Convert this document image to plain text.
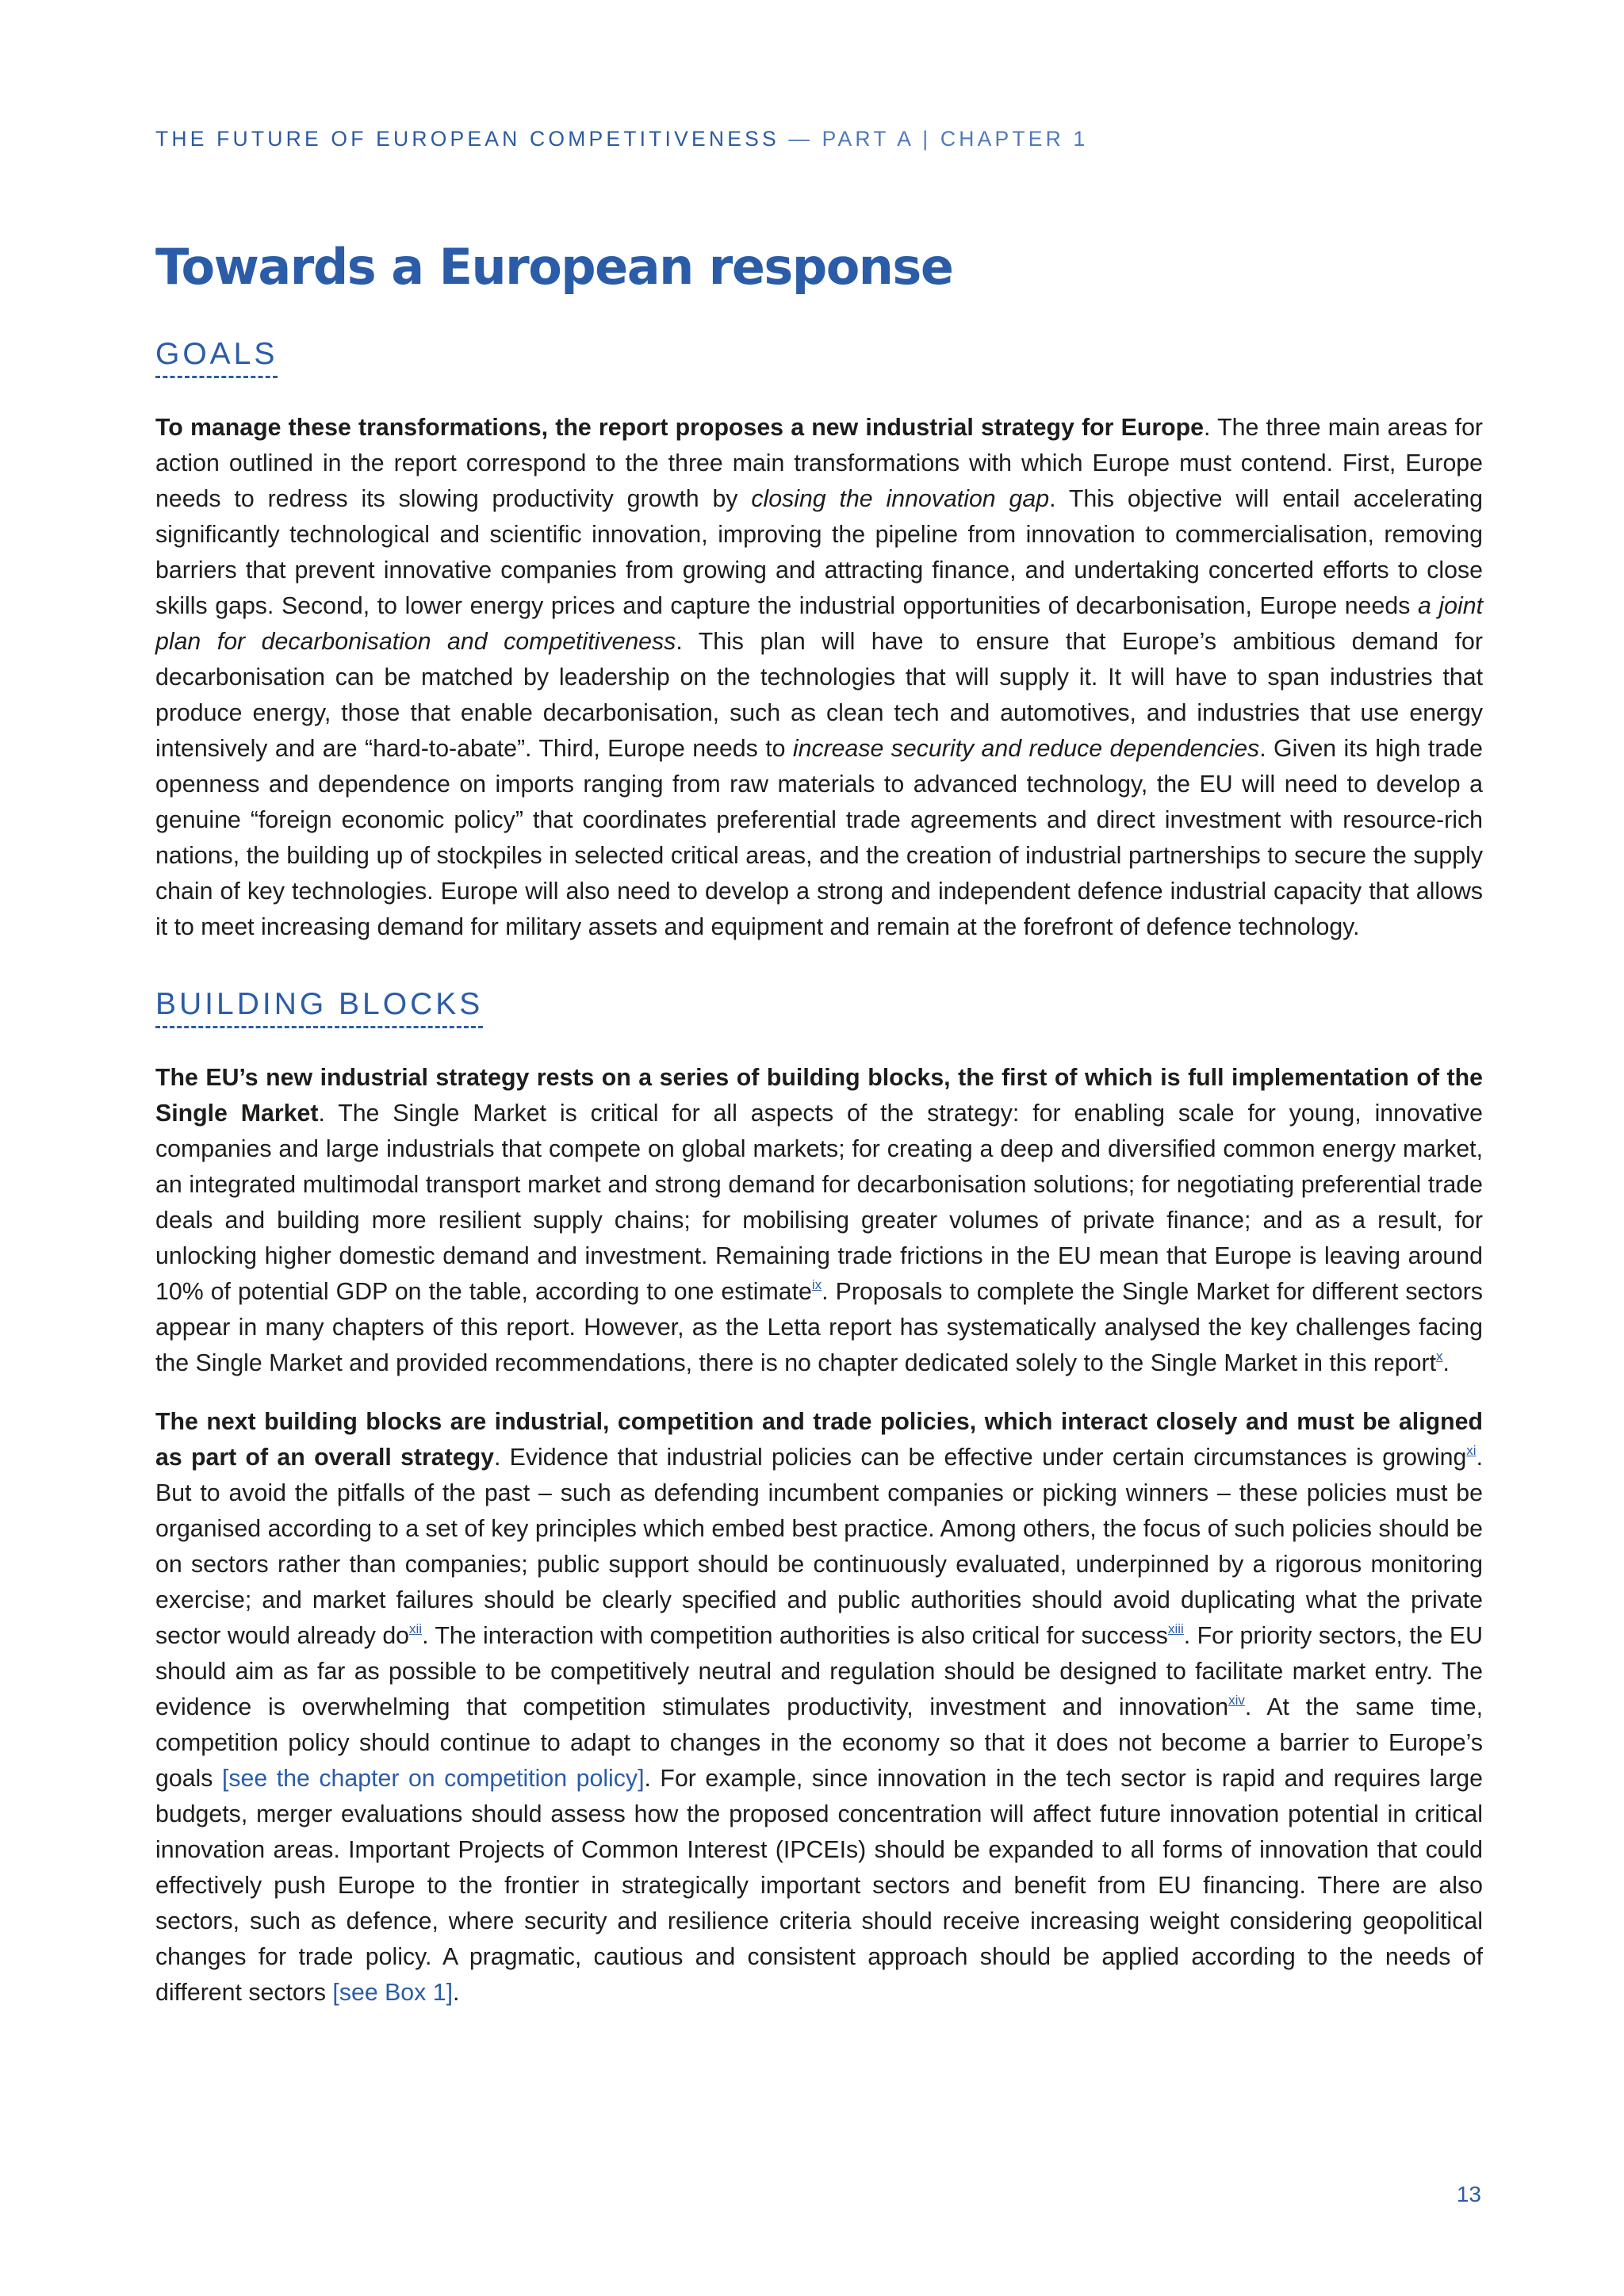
THE FUTURE OF EUROPEAN COMPETITIVENESS — PART A | CHAPTER 1
Towards a European response
GOALS

To manage these transformations, the report proposes a new industrial strategy for Europe. The three main areas for action outlined in the report correspond to the three main transformations with which Europe must contend. First, Europe needs to redress its slowing productivity growth by closing the innovation gap. This objective will entail accelerating significantly technological and scientific innovation, improving the pipeline from innovation to commercialisation, removing barriers that prevent innovative companies from growing and attracting finance, and undertaking concerted efforts to close skills gaps. Second, to lower energy prices and capture the industrial opportunities of decarbonisation, Europe needs a joint plan for decarbonisation and competitiveness. This plan will have to ensure that Europe’s ambitious demand for decarbonisation can be matched by leadership on the technologies that will supply it. It will have to span industries that produce energy, those that enable decarbonisation, such as clean tech and automotives, and industries that use energy intensively and are “hard-to-abate”. Third, Europe needs to increase security and reduce dependencies. Given its high trade openness and dependence on imports ranging from raw materials to advanced technology, the EU will need to develop a genuine “foreign economic policy” that coordinates preferential trade agreements and direct investment with resource-rich nations, the building up of stockpiles in selected critical areas, and the creation of industrial partnerships to secure the supply chain of key technologies. Europe will also need to develop a strong and independent defence industrial capacity that allows it to meet increasing demand for military assets and equipment and remain at the forefront of defence technology.

BUILDING BLOCKS

The EU’s new industrial strategy rests on a series of building blocks, the first of which is full implementation of the Single Market. The Single Market is critical for all aspects of the strategy: for enabling scale for young, innovative companies and large industrials that compete on global markets; for creating a deep and diversified common energy market, an integrated multimodal transport market and strong demand for decarbonisation solutions; for negotiating preferential trade deals and building more resilient supply chains; for mobilising greater volumes of private finance; and as a result, for unlocking higher domestic demand and investment. Remaining trade frictions in the EU mean that Europe is leaving around 10% of potential GDP on the table, according to one estimate$^{ix}$. Proposals to complete the Single Market for different sectors appear in many chapters of this report. However, as the Letta report has systematically analysed the key challenges facing the Single Market and provided recommendations, there is no chapter dedicated solely to the Single Market in this report$^x$.

The next building blocks are industrial, competition and trade policies, which interact closely and must be aligned as part of an overall strategy. Evidence that industrial policies can be effective under certain circumstances is growing$^{xi}$. But to avoid the pitfalls of the past – such as defending incumbent companies or picking winners – these policies must be organised according to a set of key principles which embed best practice. Among others, the focus of such policies should be on sectors rather than companies; public support should be continuously evaluated, underpinned by a rigorous monitoring exercise; and market failures should be clearly specified and public authorities should avoid duplicating what the private sector would already do$^{xii}$. The interaction with competition authorities is also critical for success$^{xiii}$. For priority sectors, the EU should aim as far as possible to be competitively neutral and regulation should be designed to facilitate market entry. The evidence is overwhelming that competition stimulates productivity, investment and innovation$^{xiv}$. At the same time, competition policy should continue to adapt to changes in the economy so that it does not become a barrier to Europe’s goals [see the chapter on competition policy]. For example, since innovation in the tech sector is rapid and requires large budgets, merger evaluations should assess how the proposed concentration will affect future innovation potential in critical innovation areas. Important Projects of Common Interest (IPCEIs) should be expanded to all forms of innovation that could effectively push Europe to the frontier in strategically important sectors and benefit from EU financing. There are also sectors, such as defence, where security and resilience criteria should receive increasing weight considering geopolitical changes for trade policy. A pragmatic, cautious and consistent approach should be applied according to the needs of different sectors [see Box 1].

13
